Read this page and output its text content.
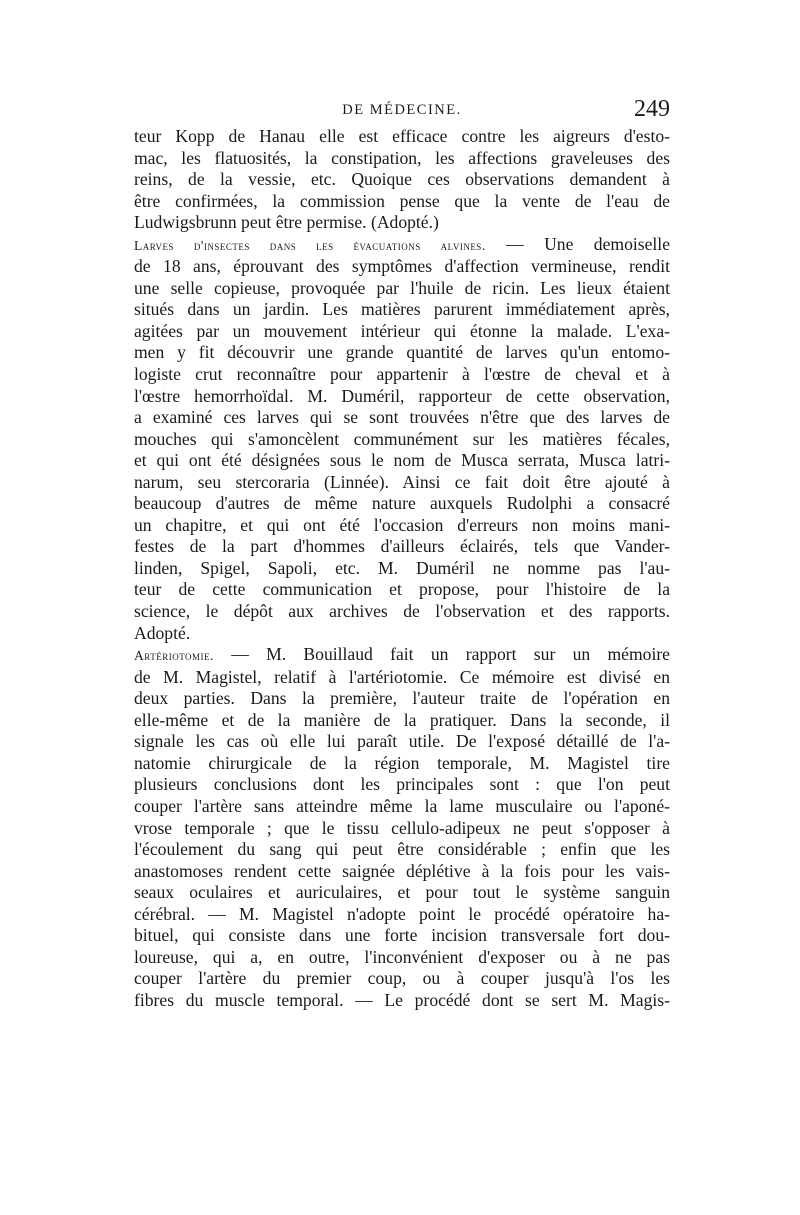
DE MÉDECINE.	249

teur Kopp de Hanau elle est efficace contre les aigreurs d'esto-

mac, les flatuosités, la constipation, les affections graveleuses des

reins, de la vessie, etc. Quoique ces observations demandent à

être confirmées, la commission pense que la vente de l'eau de

Ludwigsbrunn peut être permise. (Adopté.)

Larves d'insectes dans les évacuations alvines. — Une demoiselle

de 18 ans, éprouvant des symptômes d'affection vermineuse, rendit

une selle copieuse, provoquée par l'huile de ricin. Les lieux étaient

situés dans un jardin. Les matières parurent immédiatement après,

agitées par un mouvement intérieur qui étonne la malade. L'exa-

men y fit découvrir une grande quantité de larves qu'un entomo-

logiste crut reconnaître pour appartenir à l'œstre de cheval et à

l'œstre hemorrhoïdal. M. Duméril, rapporteur de cette observation,

a examiné ces larves qui se sont trouvées n'être que des larves de

mouches qui s'amoncèlent communément sur les matières fécales,

et qui ont été désignées sous le nom de Musca serrata, Musca latri-

narum, seu stercoraria (Linnée). Ainsi ce fait doit être ajouté à

beaucoup d'autres de même nature auxquels Rudolphi a consacré

un chapitre, et qui ont été l'occasion d'erreurs non moins mani-

festes de la part d'hommes d'ailleurs éclairés, tels que Vander-

linden, Spigel, Sapoli, etc. M. Duméril ne nomme pas l'au-

teur de cette communication et propose, pour l'histoire de la

science, le dépôt aux archives de l'observation et des rapports.

Adopté.

Artériotomie. — M. Bouillaud fait un rapport sur un mémoire

de M. Magistel, relatif à l'artériotomie. Ce mémoire est divisé en

deux parties. Dans la première, l'auteur traite de l'opération en

elle-même et de la manière de la pratiquer. Dans la seconde, il

signale les cas où elle lui paraît utile. De l'exposé détaillé de l'a-

natomie chirurgicale de la région temporale, M. Magistel tire

plusieurs conclusions dont les principales sont : que l'on peut

couper l'artère sans atteindre même la lame musculaire ou l'aponé-

vrose temporale ; que le tissu cellulo-adipeux ne peut s'opposer à

l'écoulement du sang qui peut être considérable ; enfin que les

anastomoses rendent cette saignée déplétive à la fois pour les vais-

seaux oculaires et auriculaires, et pour tout le système sanguin

cérébral. — M. Magistel n'adopte point le procédé opératoire ha-

bituel, qui consiste dans une forte incision transversale fort dou-

loureuse, qui a, en outre, l'inconvénient d'exposer ou à ne pas

couper l'artère du premier coup, ou à couper jusqu'à l'os les

fibres du muscle temporal. — Le procédé dont se sert M. Magis-
